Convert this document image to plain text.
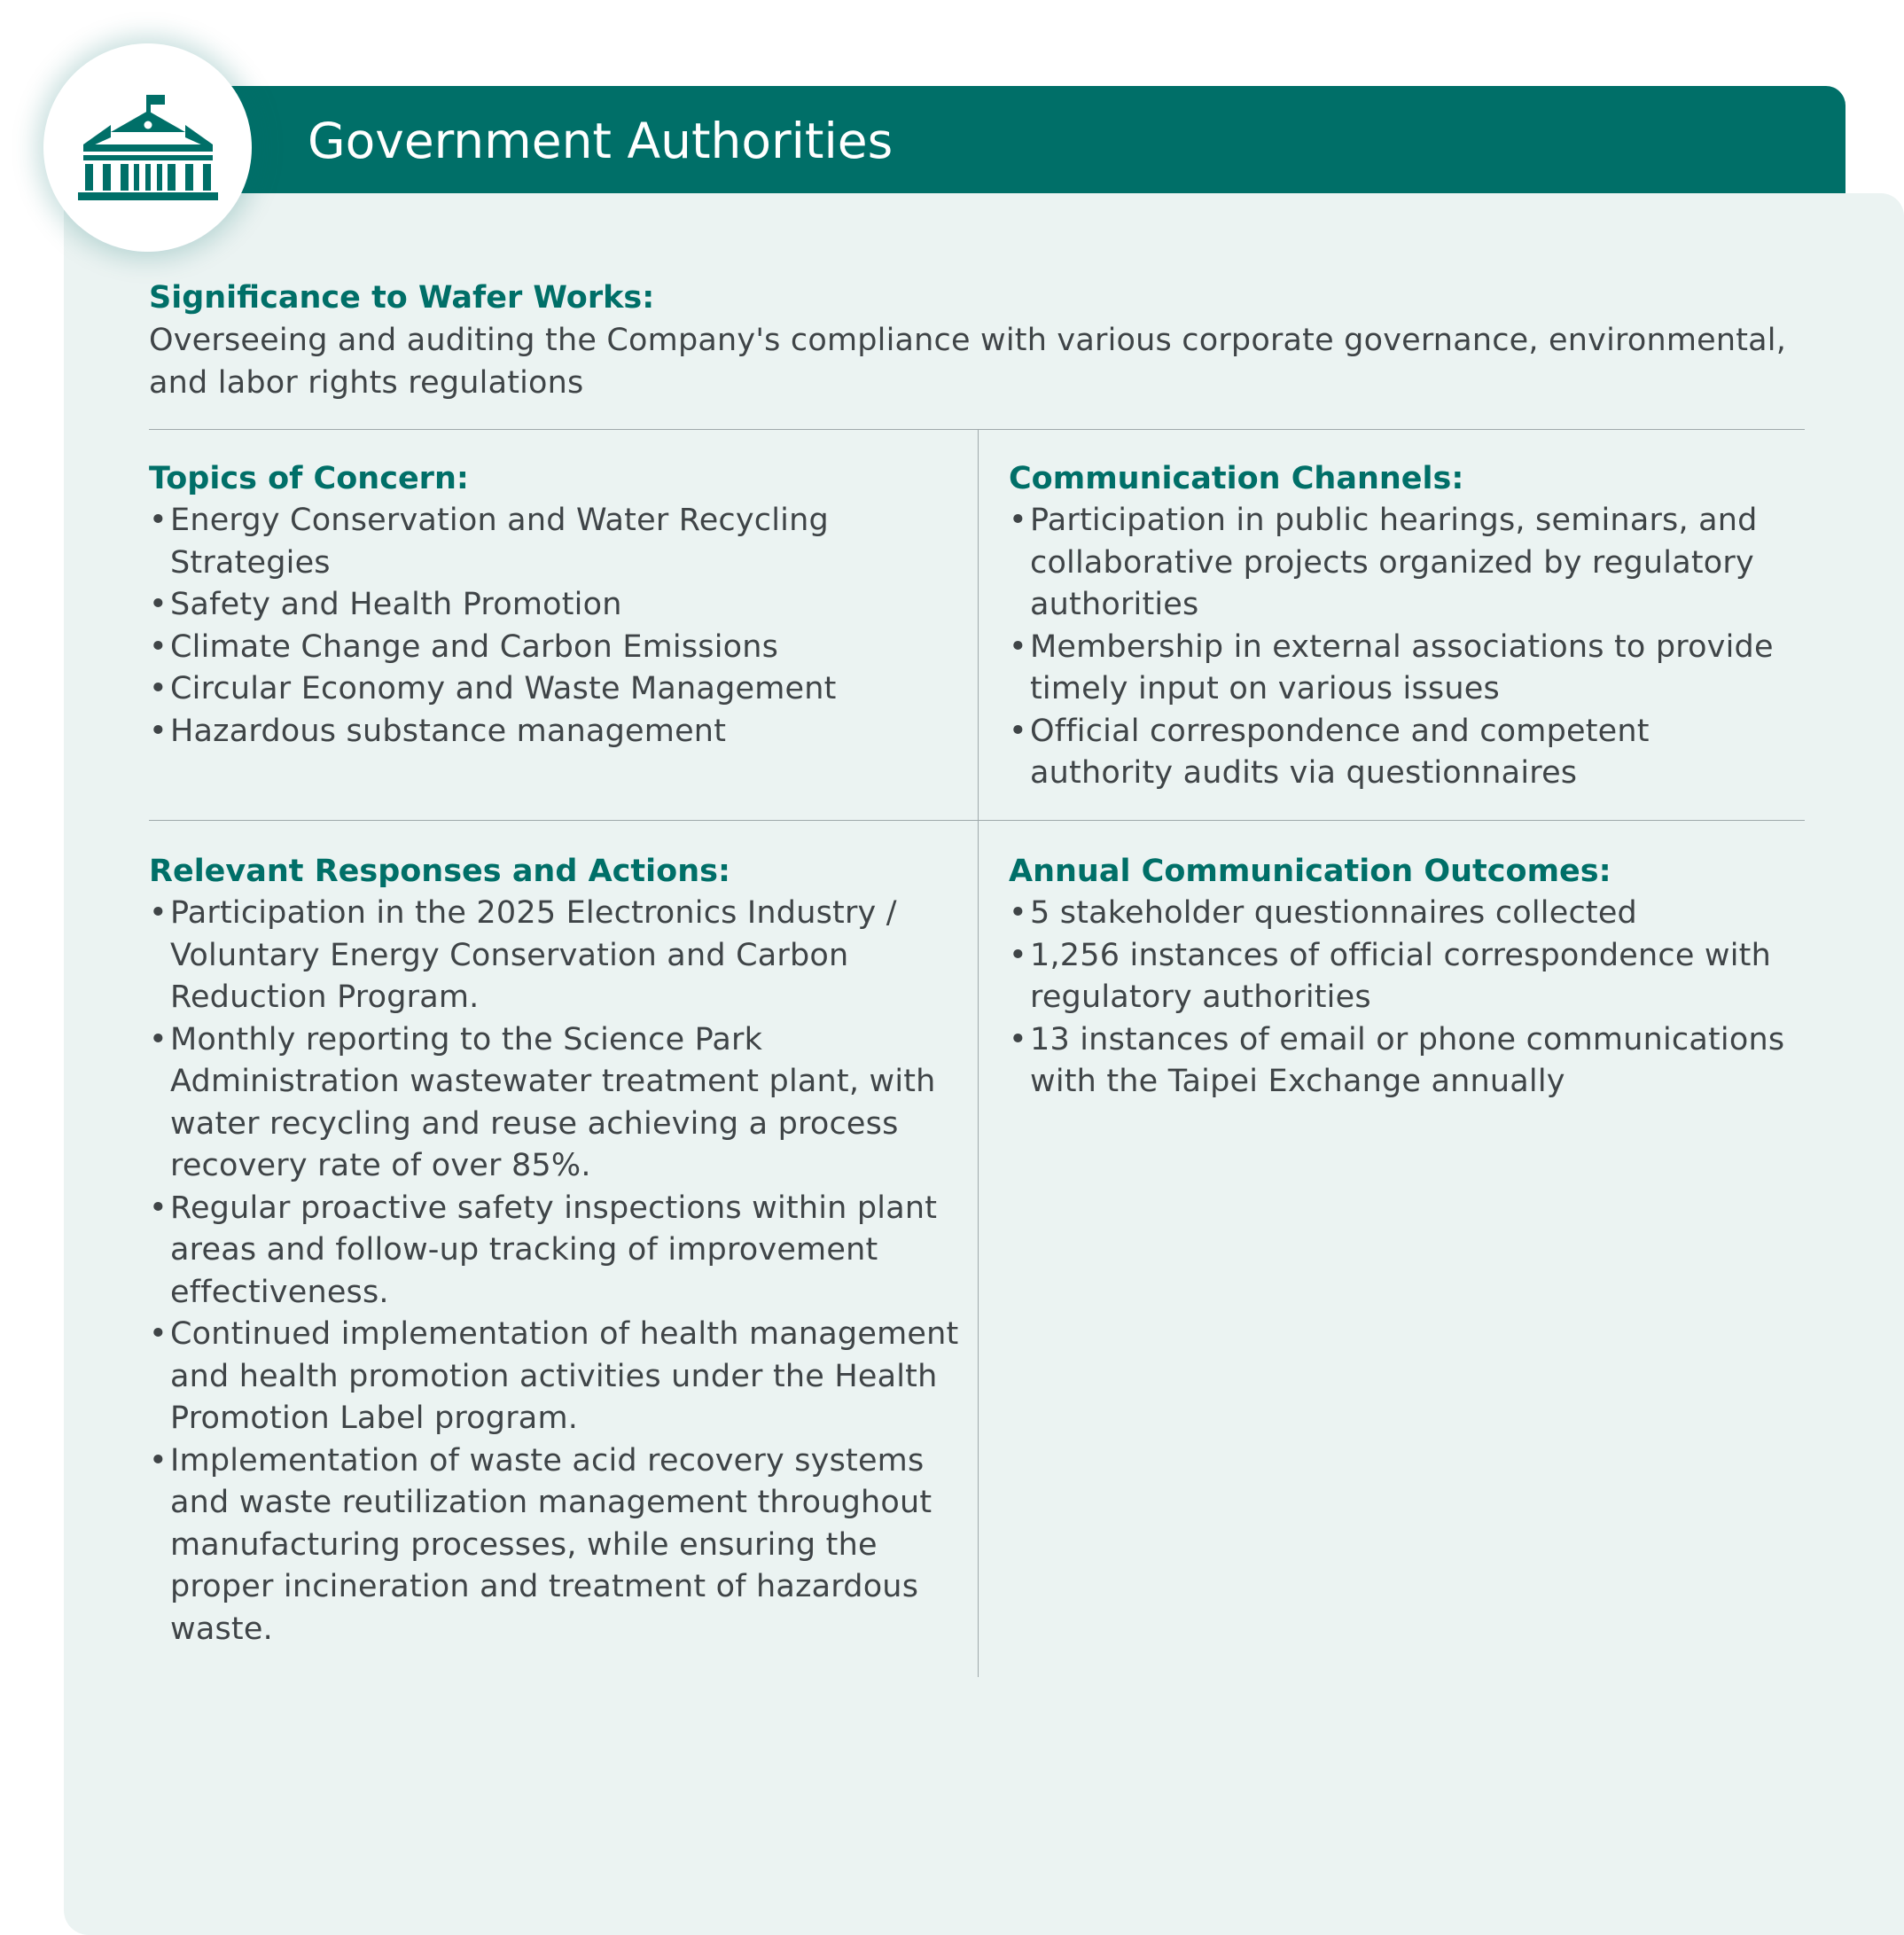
Government Authorities

Significance to Wafer Works:

Overseeing and auditing the Company's compliance with various corporate governance, environmental, and labor rights regulations

Topics of Concern:

• Energy Conservation and Water Recycling Strategies
• Safety and Health Promotion
• Climate Change and Carbon Emissions
• Circular Economy and Waste Management
• Hazardous substance management

Communication Channels:

• Participation in public hearings, seminars, and collaborative projects organized by regulatory authorities
• Membership in external associations to provide timely input on various issues
• Official correspondence and competent authority audits via questionnaires

Relevant Responses and Actions:

• Participation in the 2025 Electronics Industry / Voluntary Energy Conservation and Carbon Reduction Program.
• Monthly reporting to the Science Park Administration wastewater treatment plant, with water recycling and reuse achieving a process recovery rate of over 85%.
• Regular proactive safety inspections within plant areas and follow-up tracking of improvement effectiveness.
• Continued implementation of health management and health promotion activities under the Health Promotion Label program.
• Implementation of waste acid recovery systems and waste reutilization management throughout manufacturing processes, while ensuring the proper incineration and treatment of hazardous waste.

Annual Communication Outcomes:

• 5 stakeholder questionnaires collected
• 1,256 instances of official correspondence with regulatory authorities
• 13 instances of email or phone communications with the Taipei Exchange annually
